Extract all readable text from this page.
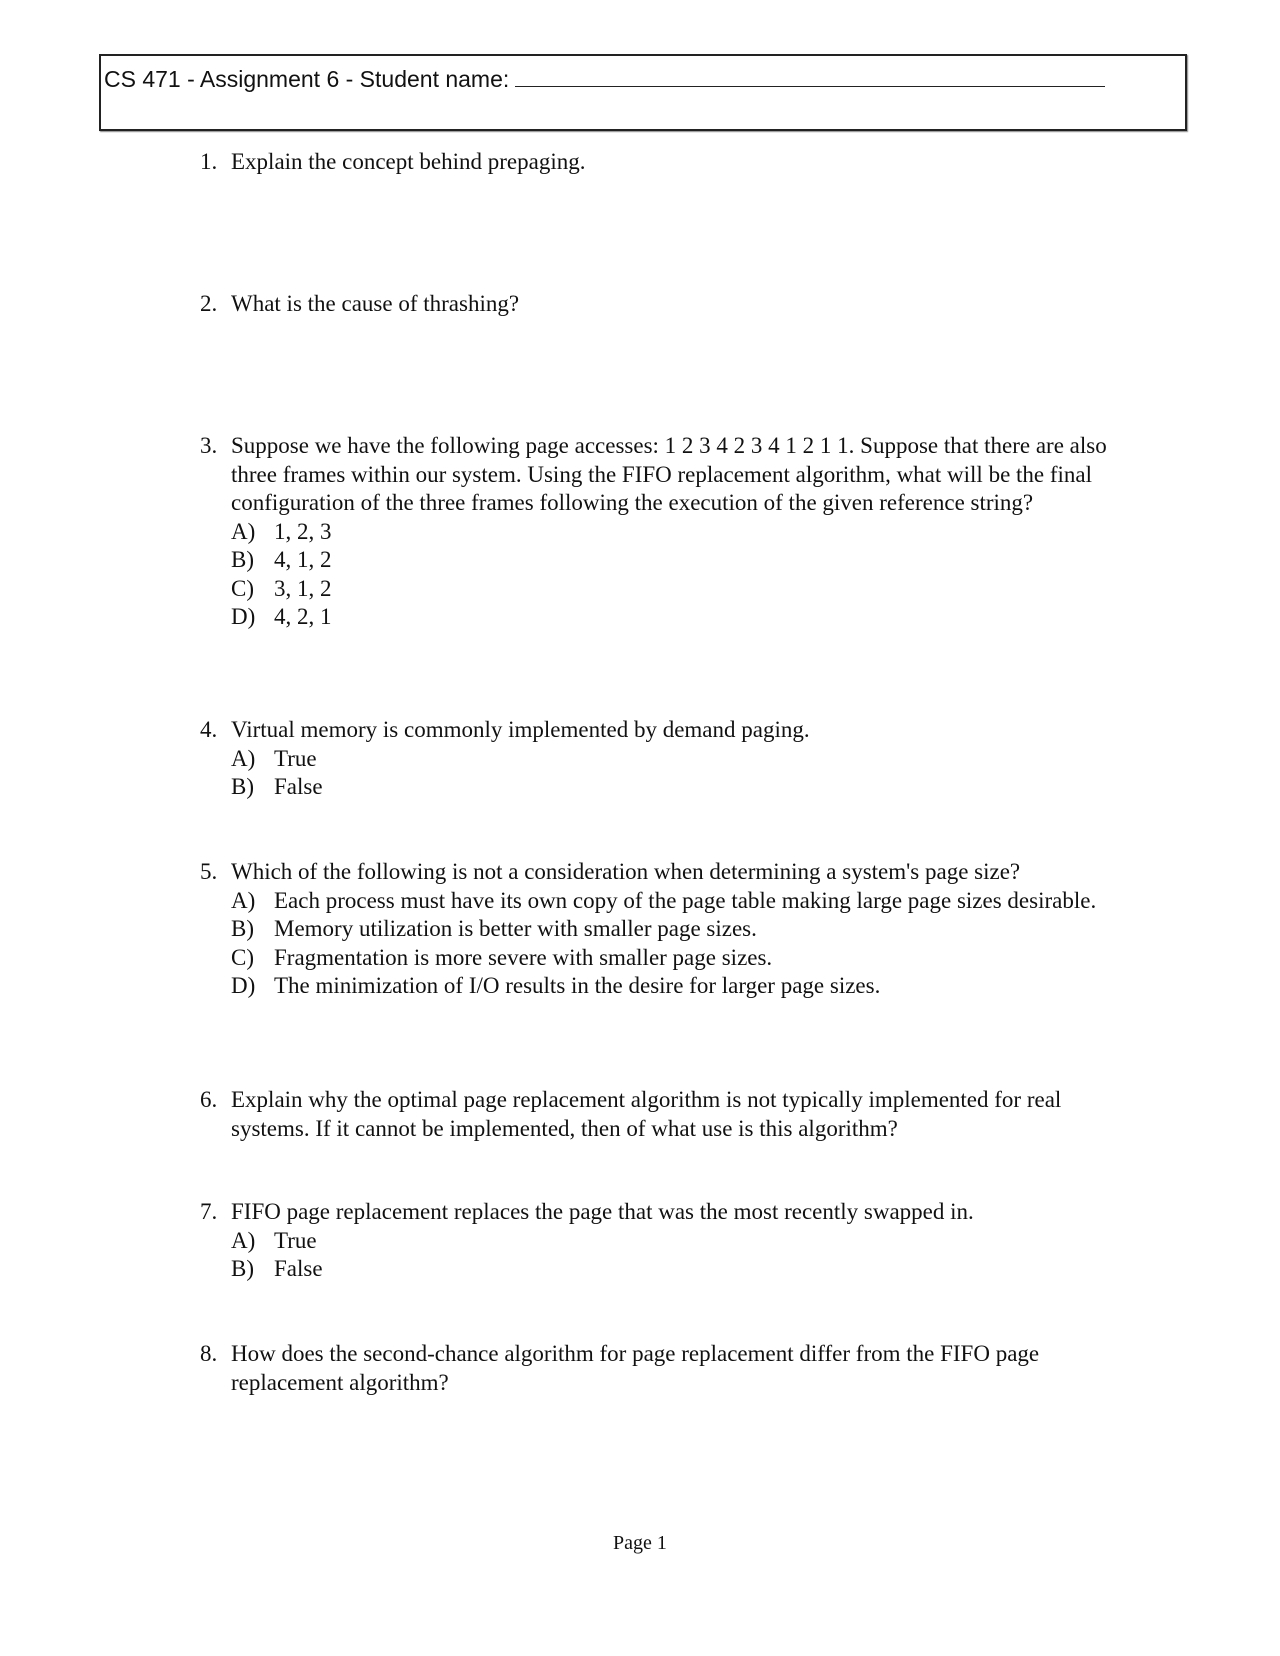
CS 471 - Assignment 6 - Student name:
1. Explain the concept behind prepaging.
2. What is the cause of thrashing?
3. Suppose we have the following page accesses: 1 2 3 4 2 3 4 1 2 1 1. Suppose that there are also three frames within our system. Using the FIFO replacement algorithm, what will be the final configuration of the three frames following the execution of the given reference string?
A) 1, 2, 3
B) 4, 1, 2
C) 3, 1, 2
D) 4, 2, 1
4. Virtual memory is commonly implemented by demand paging.
A) True
B) False
5. Which of the following is not a consideration when determining a system's page size?
A) Each process must have its own copy of the page table making large page sizes desirable.
B) Memory utilization is better with smaller page sizes.
C) Fragmentation is more severe with smaller page sizes.
D) The minimization of I/O results in the desire for larger page sizes.
6. Explain why the optimal page replacement algorithm is not typically implemented for real systems. If it cannot be implemented, then of what use is this algorithm?
7. FIFO page replacement replaces the page that was the most recently swapped in.
A) True
B) False
8. How does the second-chance algorithm for page replacement differ from the FIFO page replacement algorithm?
Page 1
